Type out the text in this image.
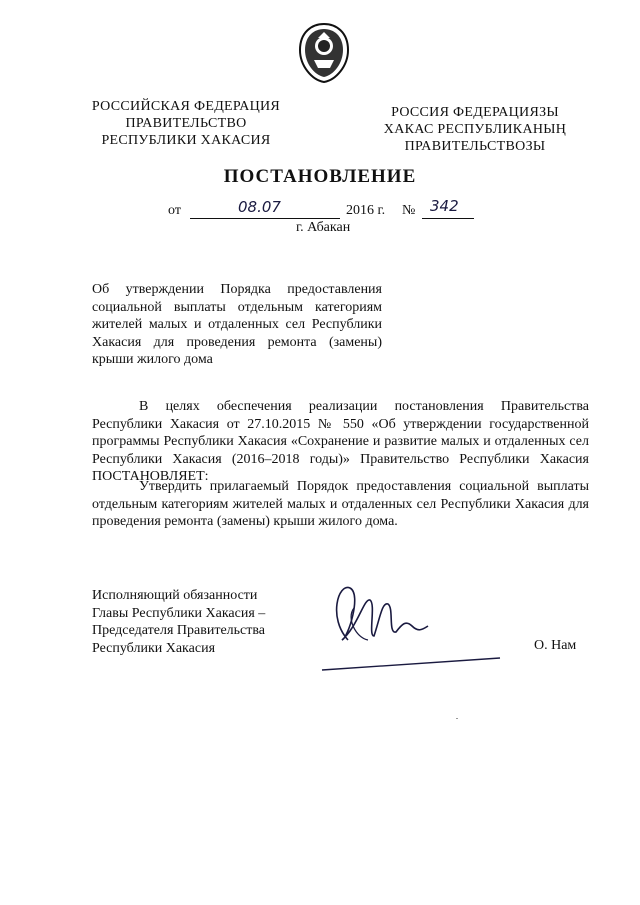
РОССИЙСКАЯ ФЕДЕРАЦИЯ
ПРАВИТЕЛЬСТВО
РЕСПУБЛИКИ ХАКАСИЯ
РОССИЯ ФЕДЕРАЦИЯЗЫ
ХАКАС РЕСПУБЛИКАНЫҢ
ПРАВИТЕЛЬСТВОЗЫ
ПОСТАНОВЛЕНИЕ
от	08.07	2016 г. № 342
г. Абакан
Об утверждении Порядка предоставления социальной выплаты отдельным категориям жителей малых и отдаленных сел Республики Хакасия для проведения ремонта (замены) крыши жилого дома
В целях обеспечения реализации постановления Правительства Республики Хакасия от 27.10.2015 № 550 «Об утверждении государственной программы Республики Хакасия «Сохранение и развитие малых и отдаленных сел Республики Хакасия (2016–2018 годы)» Правительство Республики Хакасия ПОСТАНОВЛЯЕТ:
Утвердить прилагаемый Порядок предоставления социальной выплаты отдельным категориям жителей малых и отдаленных сел Республики Хакасия для проведения ремонта (замены) крыши жилого дома.
Исполняющий обязанности
Главы Республики Хакасия –
Председателя Правительства
Республики Хакасия	О. Нам
